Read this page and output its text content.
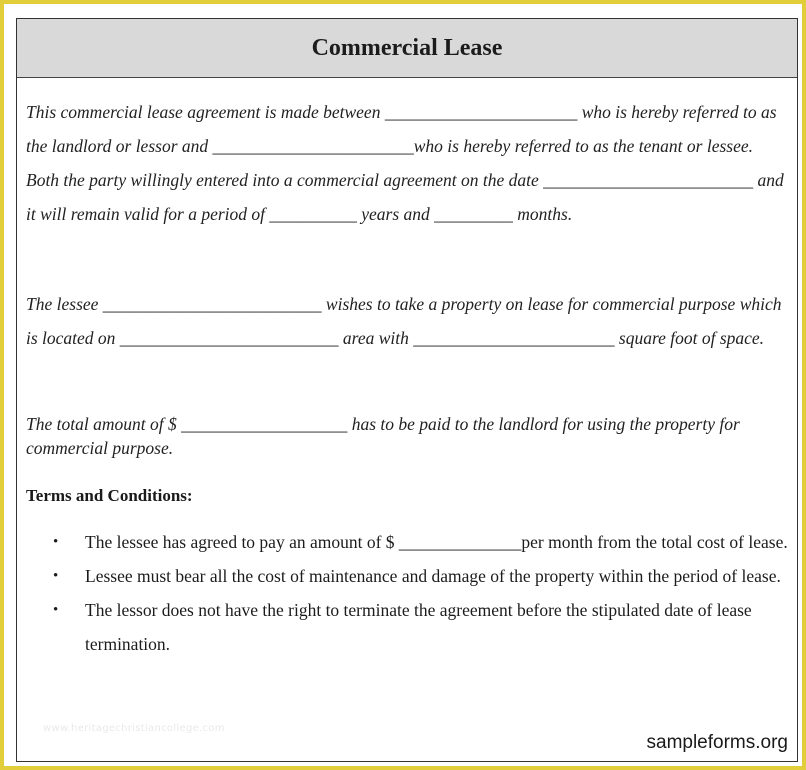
Commercial Lease

This commercial lease agreement is made between ______________________ who is hereby referred to as the landlord or lessor and _______________________who is hereby referred to as the tenant or lessee. Both the party willingly entered into a commercial agreement on the date ________________________ and it will remain valid for a period of __________ years and _________ months.

The lessee _________________________ wishes to take a property on lease for commercial purpose which is located on _________________________ area with _______________________ square foot of space.

The total amount of $ ___________________ has to be paid to the landlord for using the property for commercial purpose.

Terms and Conditions:
• The lessee has agreed to pay an amount of $ ______________per month from the total cost of lease.
• Lessee must bear all the cost of maintenance and damage of the property within the period of lease.
• The lessor does not have the right to terminate the agreement before the stipulated date of lease termination.
www.heritagechristiancollege.com
sampleforms.org
